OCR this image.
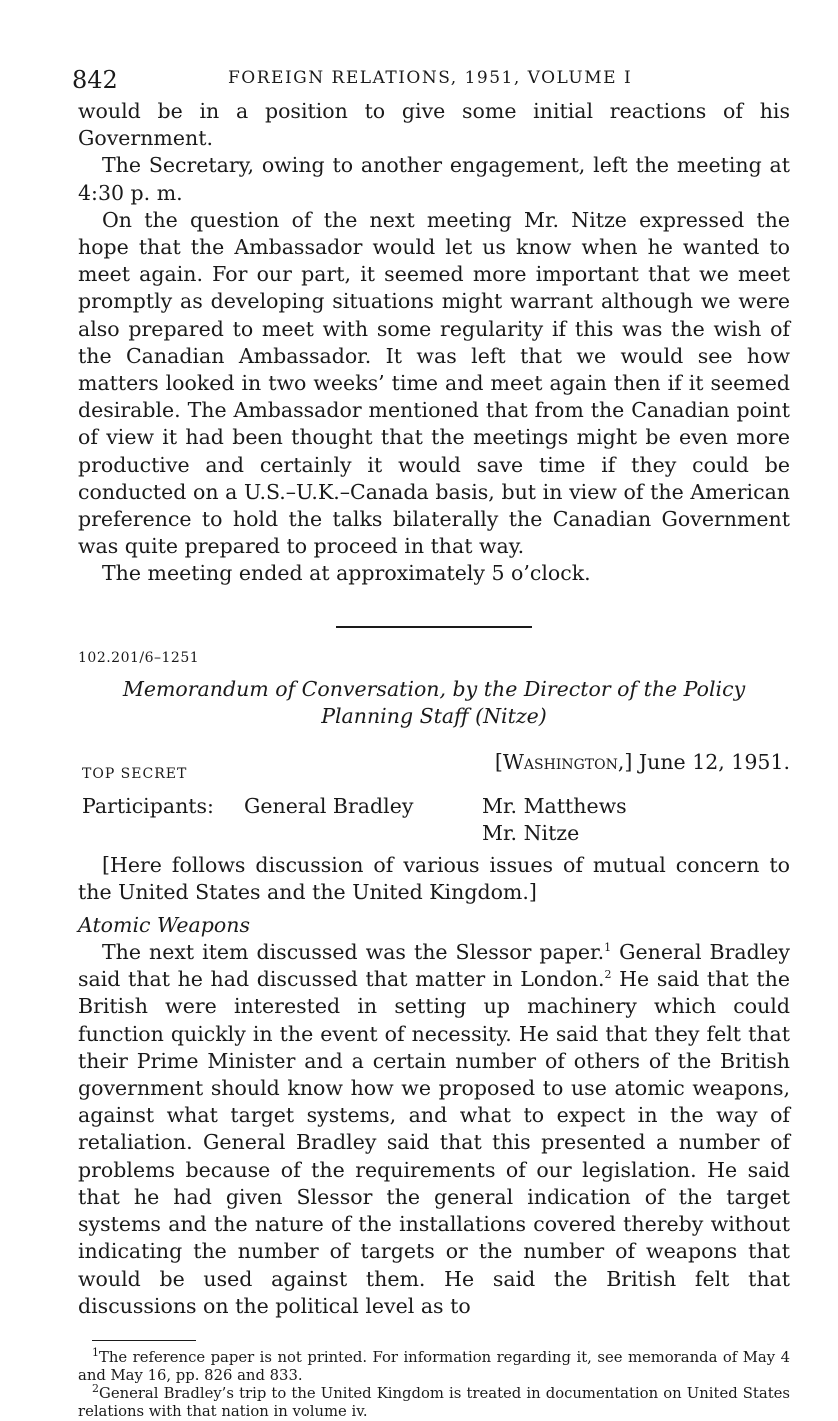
842	FOREIGN RELATIONS, 1951, VOLUME I

would be in a position to give some initial reactions of his Government.

The Secretary, owing to another engagement, left the meeting at 4:30 p. m.

On the question of the next meeting Mr. Nitze expressed the hope that the Ambassador would let us know when he wanted to meet again. For our part, it seemed more important that we meet promptly as developing situations might warrant although we were also prepared to meet with some regularity if this was the wish of the Canadian Ambassador. It was left that we would see how matters looked in two weeks’ time and meet again then if it seemed desirable. The Ambassador mentioned that from the Canadian point of view it had been thought that the meetings might be even more productive and certainly it would save time if they could be conducted on a U.S.–U.K.–Canada basis, but in view of the American preference to hold the talks bilaterally the Canadian Government was quite prepared to proceed in that way.

The meeting ended at approximately 5 o’clock.

102.201/6–1251
Memorandum of Conversation, by the Director of the Policy Planning Staff (Nitze)
TOP SECRET	[Washington,] June 12, 1951.
Participants: General Bradley	Mr. Matthews
Mr. Nitze

[Here follows discussion of various issues of mutual concern to the United States and the United Kingdom.]

Atomic Weapons

The next item discussed was the Slessor paper.$^1$ General Bradley said that he had discussed that matter in London.$^2$ He said that the British were interested in setting up machinery which could function quickly in the event of necessity. He said that they felt that their Prime Minister and a certain number of others of the British government should know how we proposed to use atomic weapons, against what target systems, and what to expect in the way of retaliation. General Bradley said that this presented a number of problems because of the requirements of our legislation. He said that he had given Slessor the general indication of the target systems and the nature of the installations covered thereby without indicating the number of targets or the number of weapons that would be used against them. He said the British felt that discussions on the political level as to

$^1$The reference paper is not printed. For information regarding it, see memoranda of May 4 and May 16, pp. 826 and 833.
$^2$General Bradley’s trip to the United Kingdom is treated in documentation on United States relations with that nation in volume iv.
